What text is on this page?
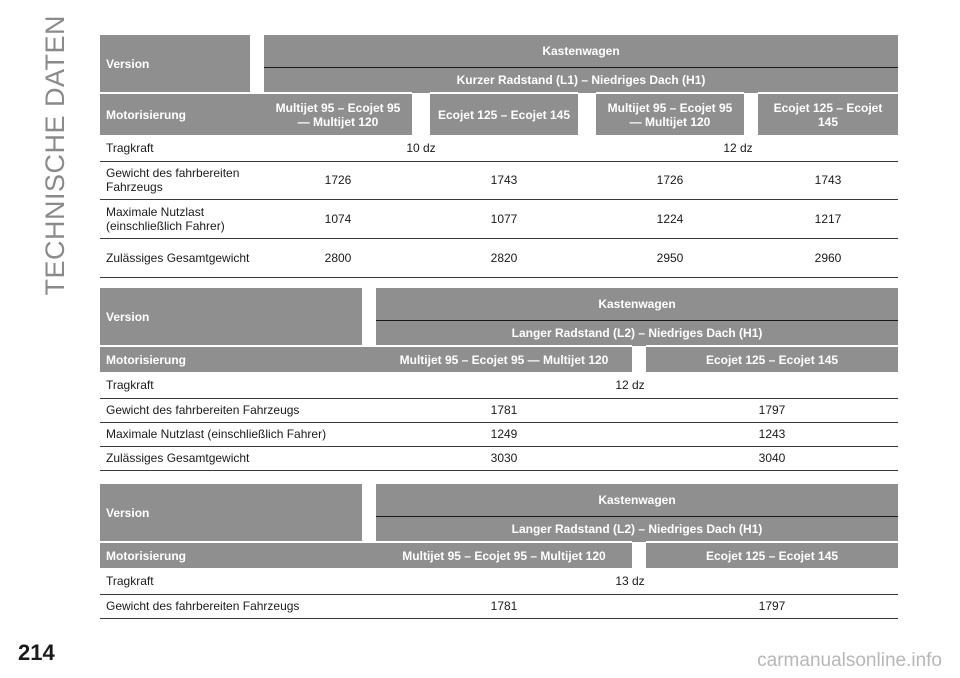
TECHNISCHE DATEN	Version		Kastenwagen						
		Kurzer Radstand (L1) – Niedriges Dach (H1)						
Motorisierung		Multijet 95 – Ecojet 95 — Multijet 120		Ecojet 125 – Ecojet 145		Multijet 95 – Ecojet 95 — Multijet 120		Ecojet 125 – Ecojet 145
Tragkraft		10 dz			12 dz			
Gewicht des fahrbereiten Fahrzeugs		1726		1743		1726		1743
Maximale Nutzlast (einschließlich Fahrer)		1074		1077		1224		1217
Zulässiges Gesamtgewicht		2800		2820		2950		2960
Version		Kastenwagen		
		Langer Radstand (L2) – Niedriges Dach (H1)		
Motorisierung		Multijet 95 – Ecojet 95 — Multijet 120		Ecojet 125 – Ecojet 145
Tragkraft	12 dz			
Gewicht des fahrbereiten Fahrzeugs		1781		1797
Maximale Nutzlast (einschließlich Fahrer)		1249		1243
Zulässiges Gesamtgewicht		3030		3040
Version		Kastenwagen		
		Langer Radstand (L2) – Niedriges Dach (H1)		
Motorisierung		Multijet 95 – Ecojet 95 – Multijet 120		Ecojet 125 – Ecojet 145
Tragkraft	13 dz			
Gewicht des fahrbereiten Fahrzeugs		1781		1797
214	carmanualsonline.info
